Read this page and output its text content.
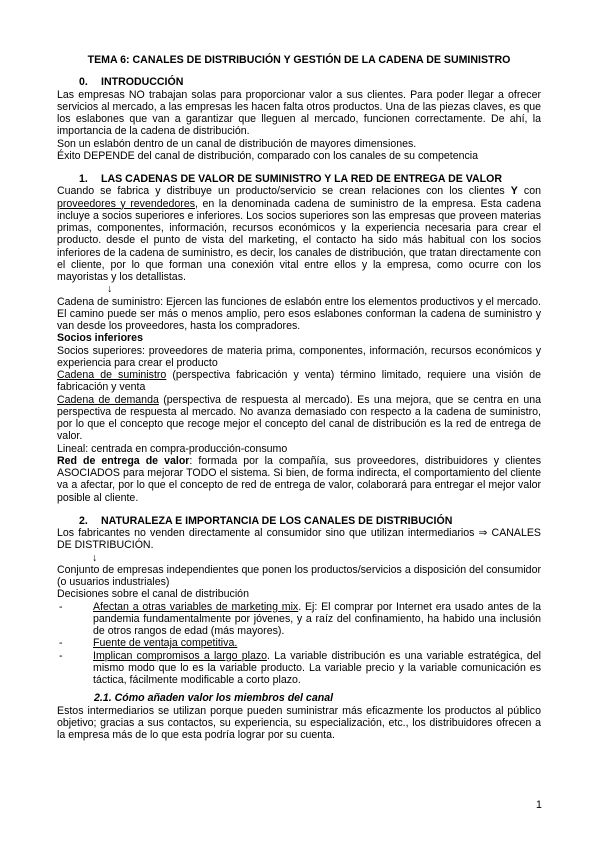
TEMA 6: CANALES DE DISTRIBUCIÓN Y GESTIÓN DE LA CADENA DE SUMINISTRO
0. INTRODUCCIÓN

Las empresas NO trabajan solas para proporcionar valor a sus clientes. Para poder llegar a ofrecer servicios al mercado, a las empresas les hacen falta otros productos. Una de las piezas claves, es que los eslabones que van a garantizar que lleguen al mercado, funcionen correctamente. De ahí, la importancia de la cadena de distribución.

Son un eslabón dentro de un canal de distribución de mayores dimensiones.

Éxito DEPENDE del canal de distribución, comparado con los canales de su competencia

1. LAS CADENAS DE VALOR DE SUMINISTRO Y LA RED DE ENTREGA DE VALOR

Cuando se fabrica y distribuye un producto/servicio se crean relaciones con los clientes Y con proveedores y revendedores, en la denominada cadena de suministro de la empresa. Esta cadena incluye a socios superiores e inferiores. Los socios superiores son las empresas que proveen materias primas, componentes, información, recursos económicos y la experiencia necesaria para crear el producto. desde el punto de vista del marketing, el contacto ha sido más habitual con los socios inferiores de la cadena de suministro, es decir, los canales de distribución, que tratan directamente con el cliente, por lo que forman una conexión vital entre ellos y la empresa, como ocurre con los mayoristas y los detallistas.

↓

Cadena de suministro: Ejercen las funciones de eslabón entre los elementos productivos y el mercado. El camino puede ser más o menos amplio, pero esos eslabones conforman la cadena de suministro y van desde los proveedores, hasta los compradores.

Socios inferiores

Socios superiores: proveedores de materia prima, componentes, información, recursos económicos y experiencia para crear el producto

Cadena de suministro (perspectiva fabricación y venta) término limitado, requiere una visión de fabricación y venta

Cadena de demanda (perspectiva de respuesta al mercado). Es una mejora, que se centra en una perspectiva de respuesta al mercado. No avanza demasiado con respecto a la cadena de suministro, por lo que el concepto que recoge mejor el concepto del canal de distribución es la red de entrega de valor.

Lineal: centrada en compra-producción-consumo

Red de entrega de valor: formada por la compañía, sus proveedores, distribuidores y clientes ASOCIADOS para mejorar TODO el sistema. Si bien, de forma indirecta, el comportamiento del cliente va a afectar, por lo que el concepto de red de entrega de valor, colaborará para entregar el mejor valor posible al cliente.

2. NATURALEZA E IMPORTANCIA DE LOS CANALES DE DISTRIBUCIÓN

Los fabricantes no venden directamente al consumidor sino que utilizan intermediarios ⇒ CANALES DE DISTRIBUCIÓN.

↓

Conjunto de empresas independientes que ponen los productos/servicios a disposición del consumidor (o usuarios industriales)

Decisiones sobre el canal de distribución

-	Afectan a otras variables de marketing mix. Ej: El comprar por Internet era usado antes de la pandemia fundamentalmente por jóvenes, y a raíz del confinamiento, ha habido una inclusión de otros rangos de edad (más mayores).
-	Fuente de ventaja competitiva.
-	Implican compromisos a largo plazo. La variable distribución es una variable estratégica, del mismo modo que lo es la variable producto. La variable precio y la variable comunicación es táctica, fácilmente modificable a corto plazo.

2.1. Cómo añaden valor los miembros del canal

Estos intermediarios se utilizan porque pueden suministrar más eficazmente los productos al público objetivo; gracias a sus contactos, su experiencia, su especialización, etc., los distribuidores ofrecen a la empresa más de lo que esta podría lograr por su cuenta.

1
